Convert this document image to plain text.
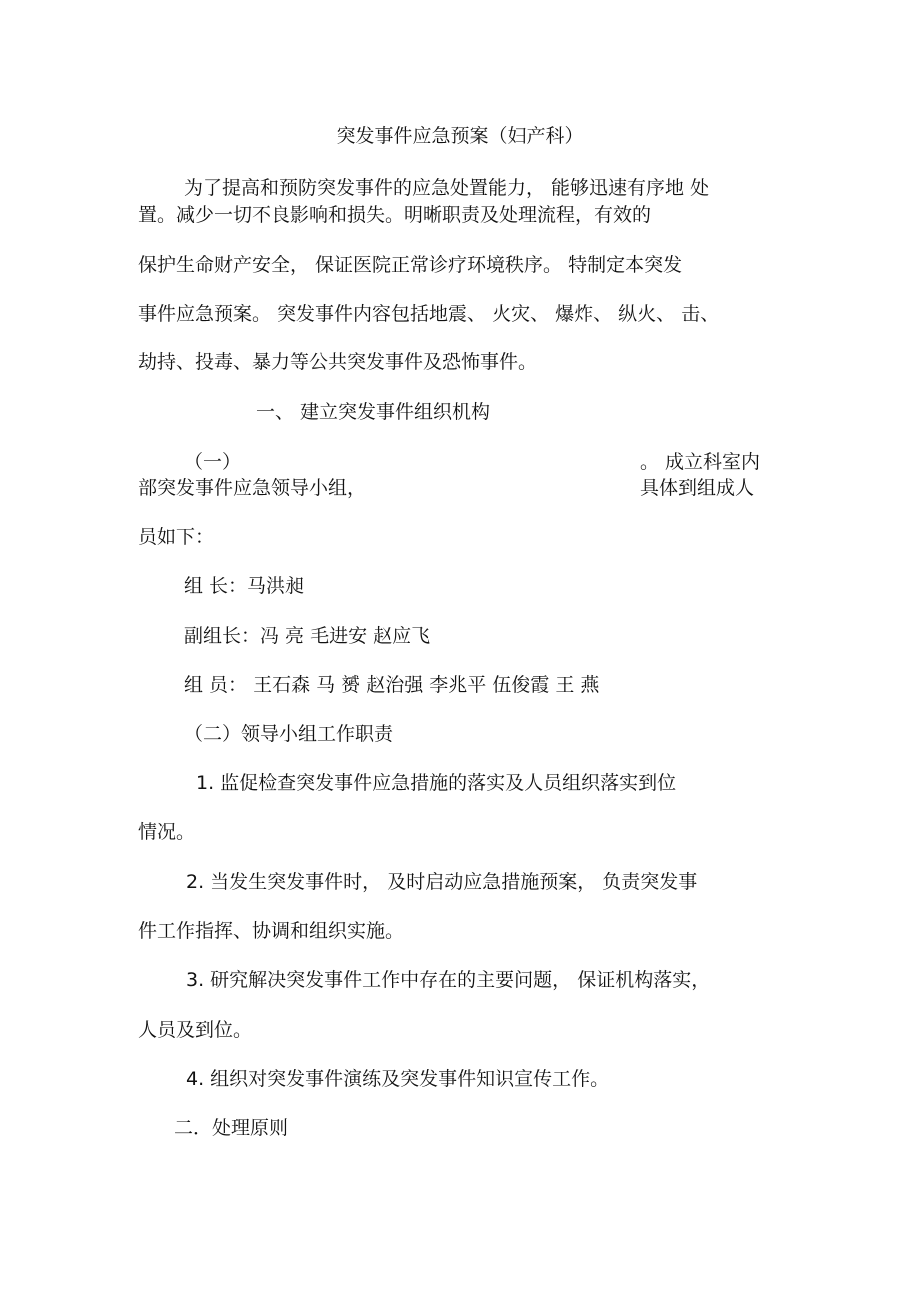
突发事件应急预案（妇产科）

为了提高和预防突发事件的应急处置能力， 能够迅速有序地 处

置。减少一切不良影响和损失。明晰职责及处理流程，有效的

保护生命财产安全， 保证医院正常诊疗环境秩序。 特制定本突发

事件应急预案。 突发事件内容包括地震、 火灾、 爆炸、 纵火、 击、

劫持、投毒、暴力等公共突发事件及恐怖事件。

一、 建立突发事件组织机构

（一）	。 成立科室内

部突发事件应急领导小组，	具体到组成人

员如下：

组 长：马洪昶

副组长：冯 亮 毛进安 赵应飞

组 员： 王石森 马 赟 赵治强 李兆平 伍俊霞 王 燕

（二）领导小组工作职责

1. 监促检查突发事件应急措施的落实及人员组织落实到位

情况。

2. 当发生突发事件时， 及时启动应急措施预案， 负责突发事

件工作指挥、协调和组织实施。

3. 研究解决突发事件工作中存在的主要问题， 保证机构落实，

人员及到位。

4. 组织对突发事件演练及突发事件知识宣传工作。

二．处理原则
